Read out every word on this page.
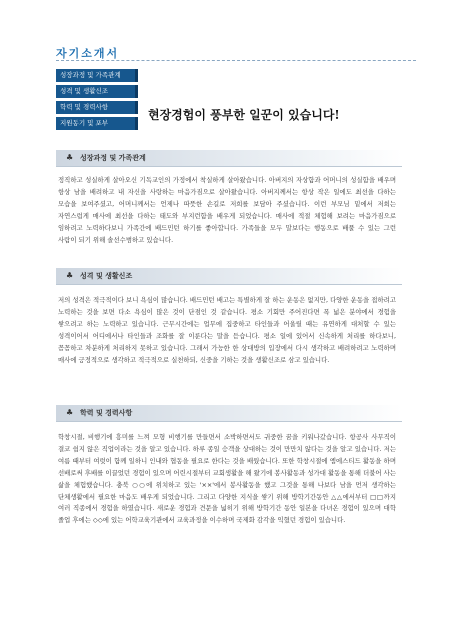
자기소개서
성장과정 및 가족관계
성격 및 생활신조
학력 및 경력사항
지원동기 및 포부
현장경험이 풍부한 일꾼이 있습니다!
♣ 성장과정 및 가족관계
정직하고 성실하게 살아오신 기독교인의 가정에서 착실하게 살아왔습니다. 아버지의 자상함과 어머니의 성실함을 배우며 항상 남을 배려하고 내 자신을 사랑하는 마음가짐으로 살아왔습니다. 아버지께서는 항상 작은 일에도 최선을 다하는 모습을 보여주셨고, 어머니께서는 언제나 따뜻한 손길로 저희를 보담아 주셨습니다. 이런 부모님 밑에서 저희는 자연스럽게 매사에 최선을 다하는 태도와 부지런함을 배우게 되었습니다. 매사에 적절 체험해 보려는 마음가짐으로 임하려고 노력하다보니 가족간에 배드민턴 하기를 좋아합니다. 가족들을 모두 말보다는 행동으로 배풀 수 있는 그런 사람이 되기 위해 솔선수범하고 있습니다.
♣ 성격 및 생활신조
저의 성격은 적극적이다 보니 욕심이 많습니다. 배드민턴 배고는 특별하게 잘 하는 운동은 없지만, 다양한 운동을 접하려고 노력하는 것을 보면 다소 욕심이 많은 것이 단점인 것 같습니다. 평소 기회만 주어진다면 폭 넓은 분야에서 경험을 쌓으려고 하는 노력하고 있습니다. 근무시간에는 업무에 집중하고 타인들과 어울릴 때는 유연하게 대처할 수 있는 성격이어서 어디에서나 타인들과 조화를 잘 이룬다는 말을 듣습니다. 평소 일에 있어서 신속하게 처리를 하다보니, 꼼꼼하고 차분하게 처리하지 못하고 있습니다. 그래서 가능한 한 상대방의 입장에서 다시 생각하고 배려하려고 노력하며 매사에 긍정적으로 생각하고 적극적으로 실천하되, 신중을 기하는 것을 생활신조로 삼고 있습니다.
♣ 학력 및 경력사항
학창시절, 비행기에 흥미를 느껴 모형 비행기를 만들면서 소박하면서도 귀중한 꿈을 키워나갔습니다. 항공사 사무직이 결코 쉽지 않은 직업이라는 것을 알고 있습니다. 하루 종일 승객을 상대하는 것이 만만치 않다는 것을 알고 있습니다. 저는 여름 때부터 여럿이 함께 일하니 인내와 협동을 필요로 한다는 것을 배웠습니다. 또한 학창시절에 엠에스티드 활동을 하며 선배로써 후배를 이끌었던 경험이 있으며 어린시절부터 교회생활을 해 왔기에 봉사활동과 성가대 활동을 통해 더불어 사는 삶을 체험했습니다. 충북 ○○에 위치하고 있는 '××'에서 봉사활동을 했고 그것을 통해 나보다 남을 먼저 생각하는 단체생활에서 필요한 마음도 배우게 되었습니다. 그리고 다양한 지식을 쌓기 위해 방학기간동안 △△에서부터 □□까지 여러 직종에서 경험을 하였습니다. 새로운 경험과 견문을 넓히기 위해 방학기간 동안 일본을 다녀온 경험이 있으며 대학 졸업 후에는 ◇◇에 있는 어학교육기관에서 교육과정을 이수하며 국제화 감각을 익혔던 경험이 있습니다.
